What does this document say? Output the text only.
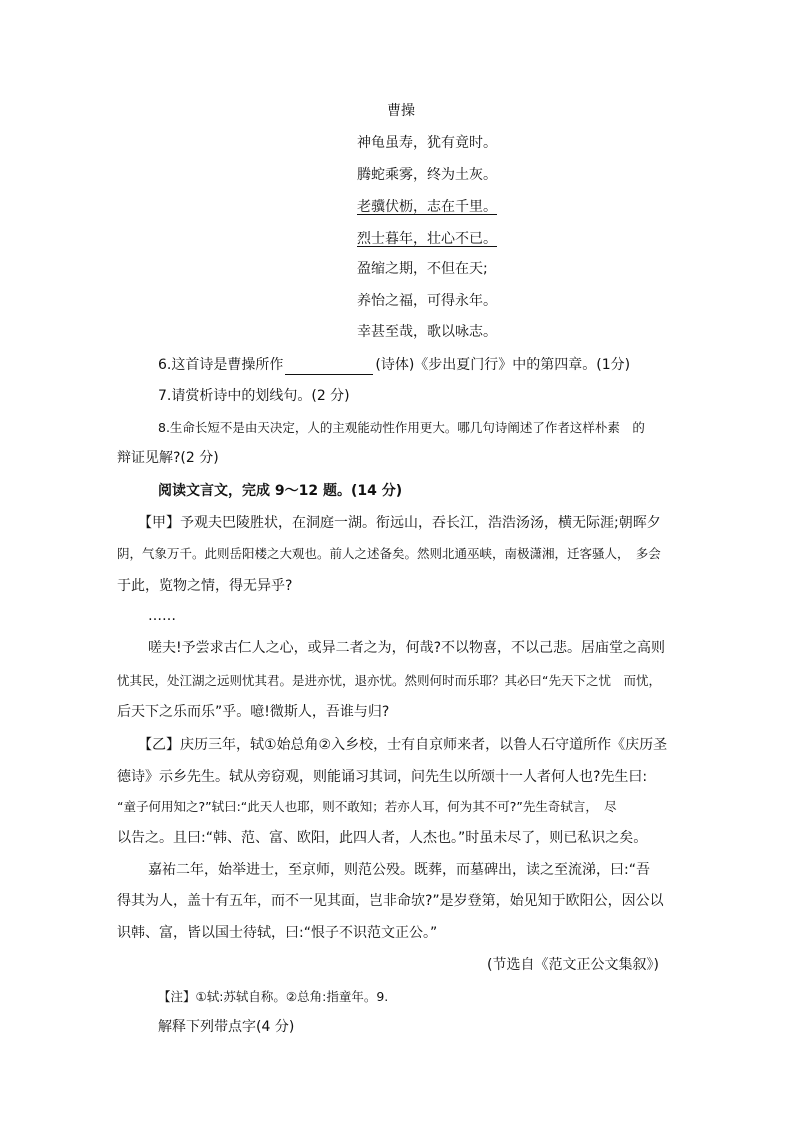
曹操
神龟虽寿，犹有竟时。
腾蛇乘雾，终为土灰。
老骥伏枥，志在千里。
烈士暮年，壮心不已。
盈缩之期，不但在天;
养怡之福，可得永年。
幸甚至哉，歌以咏志。
6.这首诗是曹操所作	(诗体)《步出夏门行》中的第四章。(1分)
7.请赏析诗中的划线句。(2 分)
8.生命长短不是由天决定，人的主观能动性作用更大。哪几句诗阐述了作者这样朴素　的
辩证见解?(2 分)
阅读文言文，完成 9～12 题。(14 分)
【甲】予观夫巴陵胜状，在洞庭一湖。衔远山，吞长江，浩浩汤汤，横无际涯;朝晖夕
阴，气象万千。此则岳阳楼之大观也。前人之述备矣。然则北通巫峡，南极潇湘，迁客骚人，　多会
于此，览物之情，得无异乎?
……
嗟夫!予尝求古仁人之心，或异二者之为，何哉?不以物喜，不以己悲。居庙堂之高则
忧其民，处江湖之远则忧其君。是进亦忧，退亦忧。然则何时而乐耶？其必曰“先天下之忧　而忧，
后天下之乐而乐”乎。噫!微斯人，吾谁与归?
【乙】庆历三年，轼①始总角②入乡校，士有自京师来者，以鲁人石守道所作《庆历圣
德诗》示乡先生。轼从旁窃观，则能诵习其词，问先生以所颂十一人者何人也?先生曰:
“童子何用知之?”轼曰:“此天人也耶，则不敢知；若亦人耳，何为其不可?”先生奇轼言，　尽
以告之。且曰:“韩、范、富、欧阳，此四人者，人杰也。”时虽未尽了，则已私识之矣。
嘉祐二年，始举进士，至京师，则范公殁。既葬，而墓碑出，读之至流涕，曰:“吾
得其为人，盖十有五年，而不一见其面，岂非命欤?”是岁登第，始见知于欧阳公，因公以
识韩、富，皆以国士待轼，曰:“恨子不识范文正公。”
(节选自《范文正公文集叙》)
【注】①轼:苏轼自称。②总角:指童年。9.
解释下列带点字(4 分)
